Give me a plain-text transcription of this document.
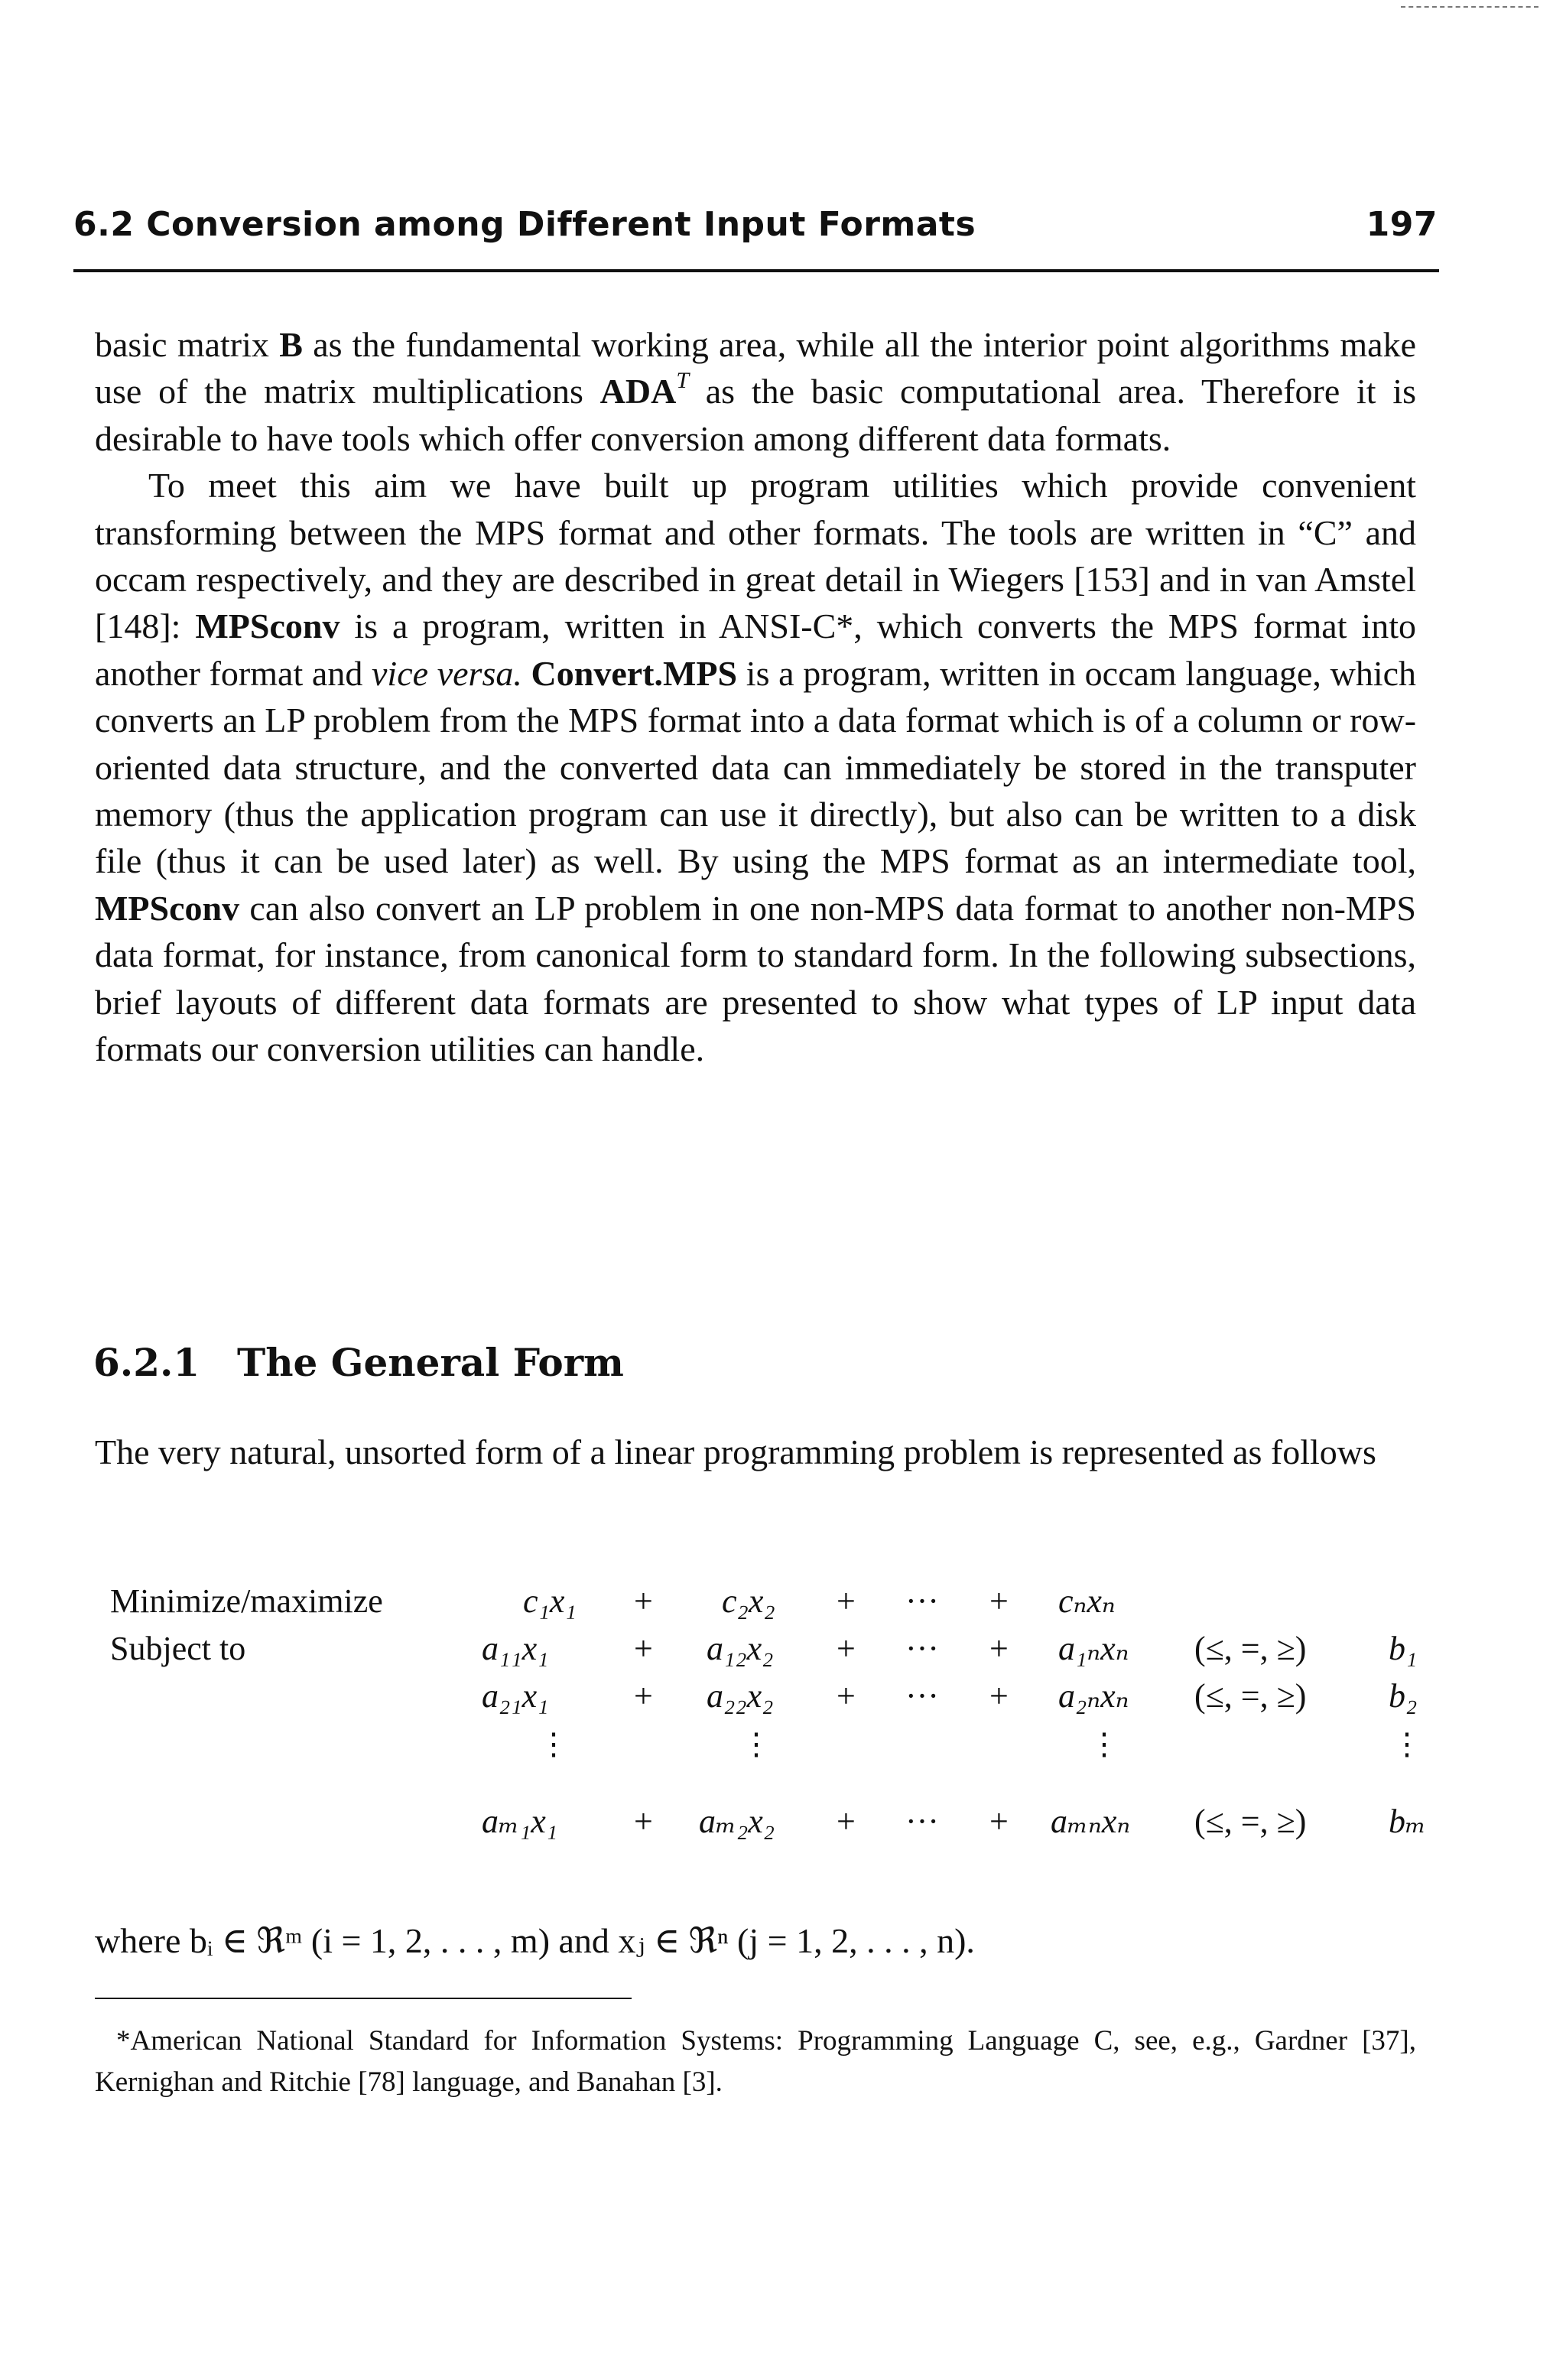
6.2 Conversion among Different Input Formats	197

basic matrix B as the fundamental working area, while all the interior point algorithms make use of the matrix multiplications $ADA^T$ as the basic computational area. Therefore it is desirable to have tools which offer conversion among different data formats.

To meet this aim we have built up program utilities which provide convenient transforming between the MPS format and other formats. The tools are written in “C” and occam respectively, and they are described in great detail in Wiegers [153] and in van Amstel [148]: MPSconv is a program, written in ANSI-C*, which converts the MPS format into another format and vice versa. Convert.MPS is a program, written in occam language, which converts an LP problem from the MPS format into a data format which is of a column or row-oriented data structure, and the converted data can immediately be stored in the transputer memory (thus the application program can use it directly), but also can be written to a disk file (thus it can be used later) as well. By using the MPS format as an intermediate tool, MPSconv can also convert an LP problem in one non-MPS data format to another non-MPS data format, for instance, from canonical form to standard form. In the following subsections, brief layouts of different data formats are presented to show what types of LP input data formats our conversion utilities can handle.

6.2.1 The General Form
The very natural, unsorted form of a linear programming problem is represented as follows
Minimize/maximize	c₁x₁ + c₂x₂ + ··· + cₙxₙ
Subject to	a₁₁x₁	+ a₁₂x₂ + ··· + a₁ₙxₙ (≤, =, ≥) b₁
a₂₁x₁	+ a₂₂x₂ + ··· + a₂ₙxₙ (≤, =, ≥) b₂
⋮	⋮	⋮	⋮
aₘ₁x₁ + aₘ₂x₂ + ··· + aₘₙxₙ (≤, =, ≥) bₘ
where bᵢ ∈ ℜᵐ (i = 1, 2, . . . , m) and xⱼ ∈ ℜⁿ (j = 1, 2, . . . , n).
*American National Standard for Information Systems: Programming Language C, see, e.g., Gardner [37], Kernighan and Ritchie [78] language, and Banahan [3].
